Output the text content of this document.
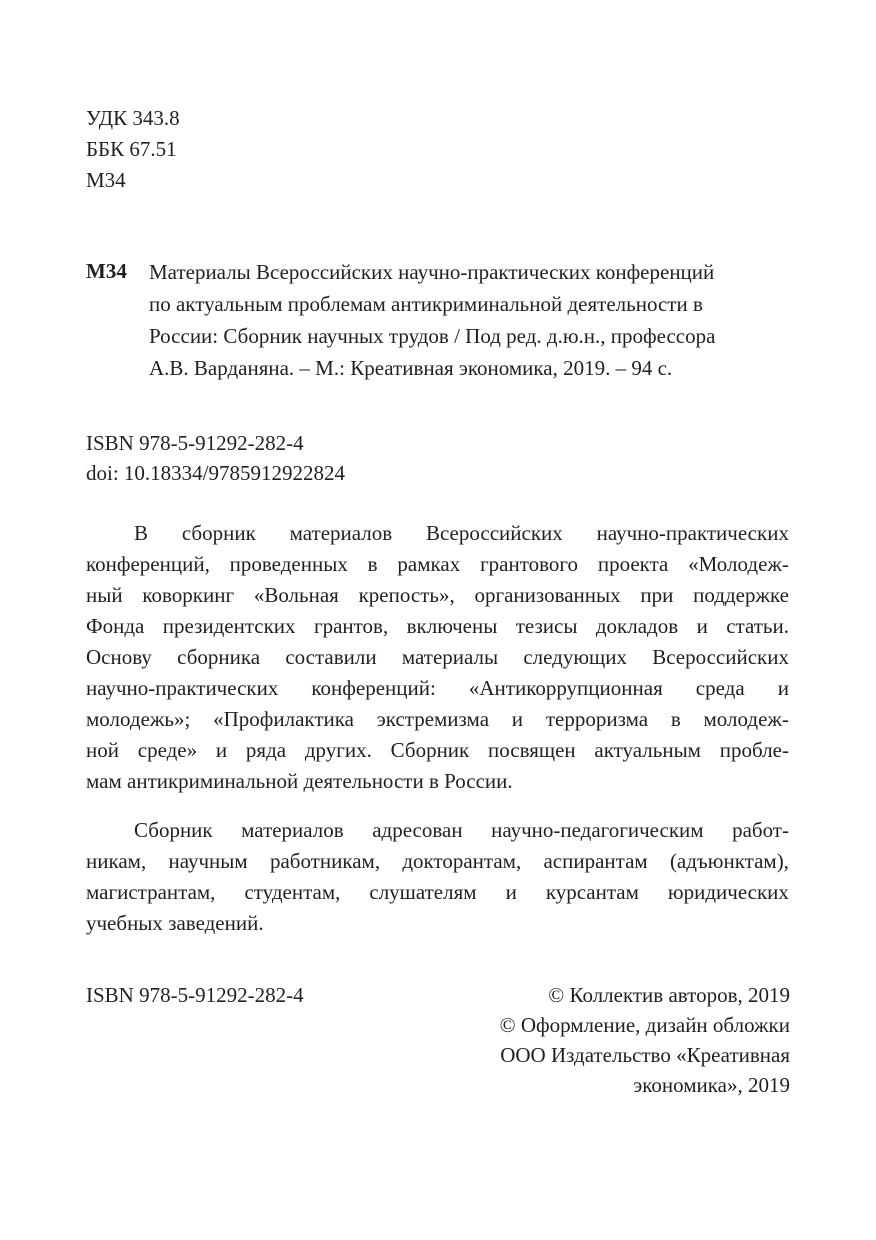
УДК 343.8
ББК 67.51
М34
М34 Материалы Всероссийских научно-практических конференций
по актуальным проблемам антикриминальной деятельности в
России: Сборник научных трудов / Под ред. д.ю.н., профессора
А.В. Варданяна. – М.: Креативная экономика, 2019. – 94 с.
ISBN 978-5-91292-282-4
doi: 10.18334/9785912922824
В сборник материалов Всероссийских научно-практических
конференций, проведенных в рамках грантового проекта «Молодеж-
ный коворкинг «Вольная крепость», организованных при поддержке
Фонда президентских грантов, включены тезисы докладов и статьи.
Основу сборника составили материалы следующих Всероссийских
научно-практических конференций: «Антикоррупционная среда и
молодежь»; «Профилактика экстремизма и терроризма в молодеж-
ной среде» и ряда других. Сборник посвящен актуальным пробле-
мам антикриминальной деятельности в России.
Сборник материалов адресован научно-педагогическим работ-
никам, научным работникам, докторантам, аспирантам (адъюнктам),
магистрантам, студентам, слушателям и курсантам юридических
учебных заведений.
ISBN 978-5-91292-282-4	© Коллектив авторов, 2019
© Оформление, дизайн обложки
ООО Издательство «Креативная
экономика», 2019
